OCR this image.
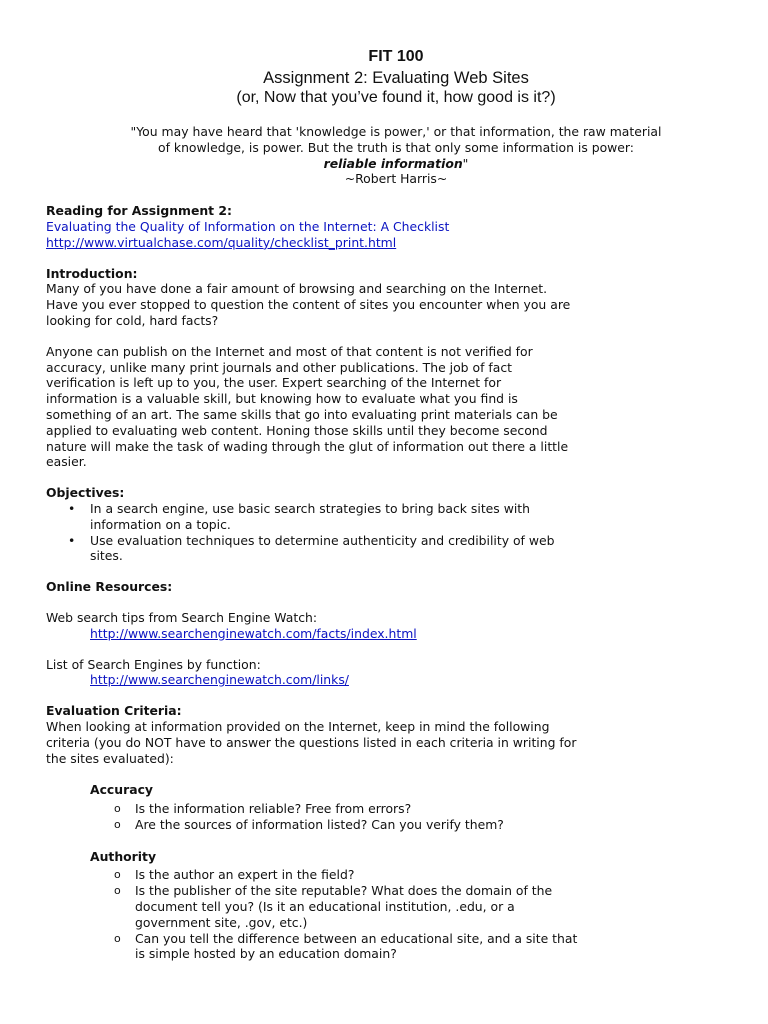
FIT 100

Assignment 2: Evaluating Web Sites

(or, Now that you’ve found it, how good is it?)

"You may have heard that 'knowledge is power,' or that information, the raw material
of knowledge, is power. But the truth is that only some information is power:
reliable information"
~Robert Harris~

Reading for Assignment 2:

Evaluating the Quality of Information on the Internet: A Checklist
http://www.virtualchase.com/quality/checklist_print.html

Introduction:

Many of you have done a fair amount of browsing and searching on the Internet.
Have you ever stopped to question the content of sites you encounter when you are
looking for cold, hard facts?
Anyone can publish on the Internet and most of that content is not verified for
accuracy, unlike many print journals and other publications. The job of fact
verification is left up to you, the user. Expert searching of the Internet for
information is a valuable skill, but knowing how to evaluate what you find is
something of an art. The same skills that go into evaluating print materials can be
applied to evaluating web content. Honing those skills until they become second
nature will make the task of wading through the glut of information out there a little
easier.

Objectives:

• In a search engine, use basic search strategies to bring back sites with
information on a topic.
• Use evaluation techniques to determine authenticity and credibility of web
sites.

Online Resources:

Web search tips from Search Engine Watch:
http://www.searchenginewatch.com/facts/index.html
List of Search Engines by function:
http://www.searchenginewatch.com/links/

Evaluation Criteria:

When looking at information provided on the Internet, keep in mind the following
criteria (you do NOT have to answer the questions listed in each criteria in writing for
the sites evaluated):

Accuracy

o Is the information reliable? Free from errors?
o Are the sources of information listed? Can you verify them?

Authority

o Is the author an expert in the field?
o Is the publisher of the site reputable? What does the domain of the
document tell you? (Is it an educational institution, .edu, or a
government site, .gov, etc.)
o Can you tell the difference between an educational site, and a site that
is simple hosted by an education domain?
